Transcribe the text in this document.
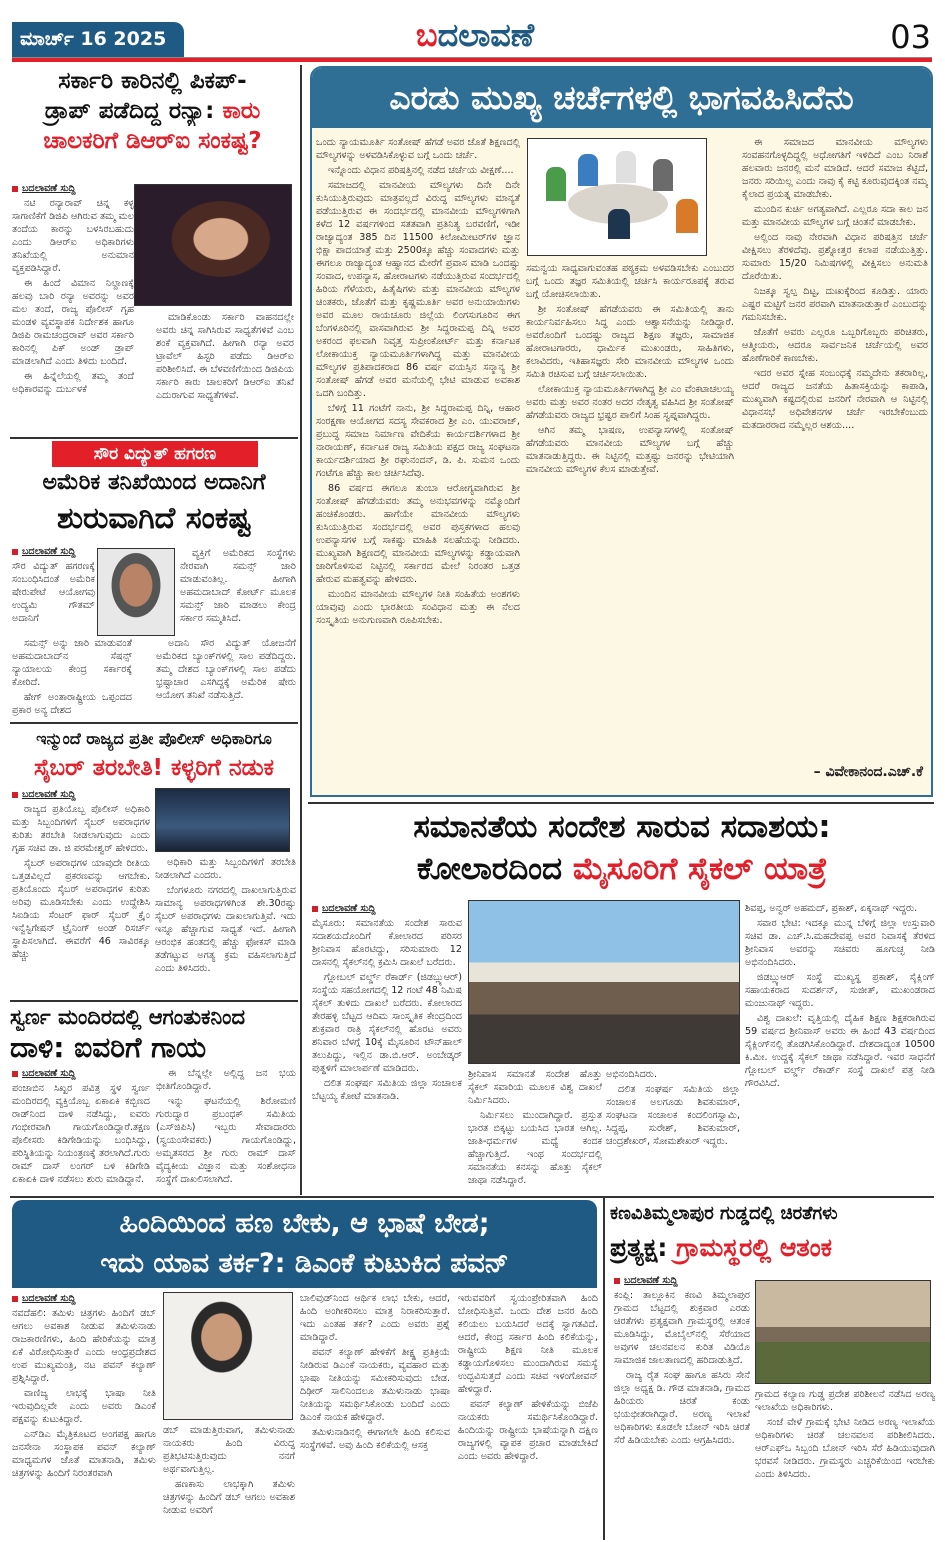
ಮಾರ್ಚ್ 16 2025	ಬದಲಾವಣೆ	03
ಸರ್ಕಾರಿ ಕಾರಿನಲ್ಲಿ ಪಿಕಪ್-
ಡ್ರಾಪ್ ಪಡೆದಿದ್ದ ರನ್ಯಾ: ಕಾರು
ಚಾಲಕರಿಗೆ ಡಿಆರ್‌ಐ ಸಂಕಷ್ಟ?
ಬದಲಾವಣೆ ಸುದ್ದಿ

ನಟಿ ರನ್ಯಾರಾವ್ ಚಿನ್ನ ಕಳ್ಳ ಸಾಗಾಣಿಕೆಗೆ ಡಿಜಿಪಿ ಆಗಿರುವ ತಮ್ಮ ಮಲ ತಂದೆಯ ಕಾರನ್ನು ಬಳಸಿರಬಹುದು ಎಂದು ಡಿಆರ್‌ಐ ಅಧಿಕಾರಿಗಳು ತನಿಖೆಯಲ್ಲಿ ಅನುಮಾನ ವ್ಯಕ್ತಪಡಿಸಿದ್ದಾರೆ.

ಈ ಹಿಂದೆ ವಿಮಾನ ನಿಲ್ದಾಣಕ್ಕೆ ಹಲವು ಬಾರಿ ರನ್ಯಾ ಅವರನ್ನು ಅವರ ಮಲ ತಂದೆ, ರಾಜ್ಯ ಪೊಲೀಸ್ ಗೃಹ ಮಂಡಳಿ ವ್ಯವಸ್ಥಾಪಕ ನಿರ್ದೇಶಕ ಹಾಗೂ ಡಿಜಿಪಿ ರಾಮಚಂದ್ರರಾವ್ ಅವರ ಸರ್ಕಾರಿ ಕಾರಿನಲ್ಲಿ ಪಿಕ್ ಅಂಡ್ ಡ್ರಾಪ್ ಮಾಡಲಾಗಿದೆ ಎಂದು ತಿಳಿದು ಬಂದಿದೆ.

ಈ ಹಿನ್ನೆಲೆಯಲ್ಲಿ ತಮ್ಮ ತಂದೆ ಅಧಿಕಾರವನ್ನು ದುರ್ಬಳಕೆ

ಮಾಡಿಕೊಂಡು ಸರ್ಕಾರಿ ವಾಹನದಲ್ಲೇ ಅವರು ಚಿನ್ನ ಸಾಗಿಸಿರುವ ಸಾಧ್ಯತೆಗಳಿವೆ ಎಂಬ ಶಂಕೆ ವ್ಯಕ್ತವಾಗಿದೆ. ಹೀಗಾಗಿ ರನ್ಯಾ ಅವರ ಟ್ರಾವೆಲ್ ಹಿಸ್ಟರಿ ಪಡೆದು ಡಿಆರ್‌ಐ ಪರಿಶೀಲಿಸಿದೆ. ಈ ಬೆಳವಣಿಗೆಯಿಂದ ಡಿಜಿಪಿಯ ಸರ್ಕಾರಿ ಕಾರು ಚಾಲಕರಿಗೆ ಡಿಆರ್‌ಐ ತನಿಖೆ ಎದುರಾಗುವ ಸಾಧ್ಯತೆಗಳಿವೆ.

ಸೌರ ವಿದ್ಯುತ್ ಹಗರಣ
ಅಮೆರಿಕ ತನಿಖೆಯಿಂದ ಅದಾನಿಗೆ
ಶುರುವಾಗಿದೆ ಸಂಕಷ್ಟ
ಬದಲಾವಣೆ ಸುದ್ದಿ

ಸೌರ ವಿದ್ಯುತ್ ಹಗರಣಕ್ಕೆ ಸಂಬಂಧಿಸಿದಂತೆ ಅಮೆರಿಕ ಷೇರುಪೇಟೆ ಆಯೋಗವು ಉದ್ಯಮಿ ಗೌತಮ್ ಅದಾನಿಗೆ

ಸಮನ್ಸ್ ಅನ್ನು ಜಾರಿ ಮಾಡುವಂತೆ ಅಹಮದಾಬಾದ್‌ನ ಸೆಷನ್ಸ್ ನ್ಯಾಯಾಲಯ ಕೇಂದ್ರ ಸರ್ಕಾರಕ್ಕೆ ಕೋರಿದೆ.

ಹೇಗ್ ಅಂತಾರಾಷ್ಟ್ರೀಯ ಒಪ್ಪಂದದ ಪ್ರಕಾರ ಅನ್ಯ ದೇಶದ

ವ್ಯಕ್ತಿಗೆ ಅಮೆರಿಕದ ಸಂಸ್ಥೆಗಳು ನೇರವಾಗಿ ಸಮನ್ಸ್ ಜಾರಿ ಮಾಡುವಂತಿಲ್ಲ. ಹೀಗಾಗಿ ಅಹಮದಾಬಾದ್ ಕೋರ್ಟ್ ಮೂಲಕ ಸಮನ್ಸ್ ಜಾರಿ ಮಾಡಲು ಕೇಂದ್ರ ಸರ್ಕಾರ ಸಮ್ಮತಿಸಿದೆ.

ಅದಾನಿ ಸೌರ ವಿದ್ಯುತ್ ಯೋಜನೆಗೆ ಅಮೆರಿಕದ ಬ್ಯಾಂಕ್‌ಗಳಲ್ಲಿ ಸಾಲ ಪಡೆದಿದ್ದರು. ತಮ್ಮ ದೇಶದ ಬ್ಯಾಂಕ್‌ಗಳಲ್ಲಿ ಸಾಲ ಪಡೆದು ಭ್ರಷ್ಟಾಚಾರ ಎಸಗಿದ್ದಕ್ಕೆ ಅಮೆರಿಕ ಷೇರು ಆಯೋಗ ತನಿಖೆ ನಡೆಸುತ್ತಿದೆ.

ಇನ್ಮುಂದೆ ರಾಜ್ಯದ ಪ್ರತೀ ಪೊಲೀಸ್ ಅಧಿಕಾರಿಗೂ
ಸೈಬರ್ ತರಬೇತಿ! ಕಳ್ಳರಿಗೆ ನಡುಕ
ಬದಲಾವಣೆ ಸುದ್ದಿ

ರಾಜ್ಯದ ಪ್ರತಿಯೊಬ್ಬ ಪೊಲೀಸ್ ಅಧಿಕಾರಿ ಮತ್ತು ಸಿಬ್ಬಂದಿಗಳಿಗೆ ಸೈಬರ್ ಅಪರಾಧಗಳ ಕುರಿತು ತರಬೇತಿ ನೀಡಲಾಗುವುದು ಎಂದು ಗೃಹ ಸಚಿವ ಡಾ. ಜಿ ಪರಮೇಶ್ವರ್ ಹೇಳಿದರು.

ಸೈಬರ್ ಅಪರಾಧಗಳ ಯಾವುದೇ ರೀತಿಯ ಒತ್ತಡವಿಲ್ಲದೆ ಪ್ರಕರಣವನ್ನು ಆಗಬೇಕು. ಪ್ರತಿಯೊಂದು ಸೈಬರ್ ಅಪರಾಧಗಳ ಕುರಿತು ಅರಿವು ಮೂಡಿಸಬೇಕು ಎಂದು ಉದ್ದೇಶಿಸಿ ಸಿಐಡಿಯ ಸೆಂಟರ್ ಫಾರ್ ಸೈಬರ್ ಕ್ರೈಂ ಇನ್ವೆಸ್ಟಿಗೇಷನ್ ಟ್ರೈನಿಂಗ್ ಅಂಡ್ ರಿಸರ್ಚ್ ಸ್ಥಾಪಿಸಲಾಗಿದೆ. ಈವರೆಗೆ 46 ಸಾವಿರಕ್ಕೂ ಹೆಚ್ಚು

ಅಧಿಕಾರಿ ಮತ್ತು ಸಿಬ್ಬಂದಿಗಳಿಗೆ ತರಬೇತಿ ನೀಡಲಾಗಿದೆ ಎಂದರು.

ಬೆಂಗಳೂರು ನಗರದಲ್ಲಿ ದಾಖಲಾಗುತ್ತಿರುವ ಸಾಮಾನ್ಯ ಅಪರಾಧಗಳಿಗಿಂತ ಶೇ.30ರಷ್ಟು ಸೈಬರ್ ಅಪರಾಧಗಳು ದಾಖಲಾಗುತ್ತಿವೆ. ಇದು ಇನ್ನೂ ಹೆಚ್ಚಾಗುವ ಸಾಧ್ಯತೆ ಇದೆ. ಹೀಗಾಗಿ ಆರಂಭಿಕ ಹಂತದಲ್ಲಿ ಹೆಚ್ಚು ಫೋಕಸ್ ಮಾಡಿ ತಡೆಗಟ್ಟುವ ಅಗತ್ಯ ಕ್ರಮ ವಹಿಸಲಾಗುತ್ತಿದೆ ಎಂದು ತಿಳಿಸಿದರು.

ಸ್ವರ್ಣ ಮಂದಿರದಲ್ಲಿ ಆಗಂತುಕನಿಂದ
ದಾಳಿ: ಐವರಿಗೆ ಗಾಯ
ಬದಲಾವಣೆ ಸುದ್ದಿ

ಪಂಜಾಬಿನ ಸಿಖ್ಖರ ಪವಿತ್ರ ಸ್ಥಳ ಸ್ವರ್ಣ ಮಂದಿರದಲ್ಲಿ ವ್ಯಕ್ತಿಯೊಬ್ಬ ಏಕಾಏಕಿ ಕಬ್ಬಿಣದ ರಾಡ್‌ನಿಂದ ದಾಳಿ ನಡೆಸಿದ್ದು, ಐವರು ಗಂಭೀರವಾಗಿ ಗಾಯಗೊಂಡಿದ್ದಾರೆ.ತಕ್ಷಣ ಪೊಲೀಸರು ಕಿಡಿಗೇಡಿಯನ್ನು ಬಂಧಿಸಿದ್ದು, ಪರಿಸ್ಥಿತಿಯನ್ನು ನಿಯಂತ್ರಣಕ್ಕೆ ತರಲಾಗಿದೆ.ಗುರು ರಾಮ್ ದಾಸ್ ಲಂಗರ್ ಬಳಿ ಕಿಡಿಗೇಡಿ ಏಕಾಏಕಿ ದಾಳಿ ನಡೆಸಲು ಶುರು ಮಾಡಿದ್ದಾನೆ.

ಈ ಬೆನ್ನಲ್ಲೇ ಅಲ್ಲಿದ್ದ ಜನ ಭಯ ಭೀತಿಗೊಂಡಿದ್ದಾರೆ.

ಇನ್ನು ಘಟನೆಯಲ್ಲಿ ಶಿರೋಮಣಿ ಗುರುದ್ವಾರ ಪ್ರಬಂಧಕ್ ಸಮಿತಿಯ (ಎಸ್‌ಜಿಪಿಸಿ) ಇಬ್ಬರು ಸೇವಾದಾರರು (ಸ್ವಯಂಸೇವಕರು) ಗಾಯಗೊಂಡಿದ್ದು, ಅಮೃತಸರದ ಶ್ರೀ ಗುರು ರಾಮ್ ದಾಸ್ ವೈದ್ಯಕೀಯ ವಿಜ್ಞಾನ ಮತ್ತು ಸಂಶೋಧನಾ ಸಂಸ್ಥೆಗೆ ದಾಖಲಿಸಲಾಗಿದೆ.

ಎರಡು ಮುಖ್ಯ ಚರ್ಚೆಗಳಲ್ಲಿ ಭಾಗವಹಿಸಿದೆನು

ಒಂದು ನ್ಯಾಯಮೂರ್ತಿ ಸಂತೋಷ್ ಹೆಗಡೆ ಅವರ ಜೊತೆ ಶಿಕ್ಷಣದಲ್ಲಿ ಮೌಲ್ಯಗಳನ್ನು ಅಳವಡಿಸಿಕೊಳ್ಳುವ ಬಗ್ಗೆ ಒಂದು ಚರ್ಚೆ.

ಇನ್ನೊಂದು ವಿಧಾನ ಪರಿಷತ್ತಿನಲ್ಲಿ ನಡೆದ ಚರ್ಚೆಯ ವೀಕ್ಷಣೆ....

ಸಮಾಜದಲ್ಲಿ ಮಾನವೀಯ ಮೌಲ್ಯಗಳು ದಿನೇ ದಿನೇ ಕುಸಿಯುತ್ತಿರುವುದು ಮಾತ್ರವಲ್ಲದೆ ವಿರುದ್ಧ ಮೌಲ್ಯಗಳು ಮಾನ್ಯತೆ ಪಡೆಯುತ್ತಿರುವ ಈ ಸಂದರ್ಭದಲ್ಲಿ ಮಾನವೀಯ ಮೌಲ್ಯಗಳಿಗಾಗಿ ಕಳೆದ 12 ವರ್ಷಗಳಿಂದ ಸತತವಾಗಿ ಪ್ರತಿನಿತ್ಯ ಬರವಣಿಗೆ, ಇಡೀ ರಾಜ್ಯಾದ್ಯಂತ 385 ದಿನ 11500 ಕಿಲೋಮೀಟರ್‌ಗಳ ಜ್ಞಾನ ಭಿಕ್ಷಾ ಪಾದಯಾತ್ರೆ ಮತ್ತು 2500ಕ್ಕೂ ಹೆಚ್ಚು ಸಂವಾದಗಳು ಮತ್ತು ಈಗಲೂ ರಾಜ್ಯಾದ್ಯಂತ ಆಹ್ವಾನದ ಮೇರೆಗೆ ಪ್ರವಾಸ ಮಾಡಿ ಒಂದಷ್ಟು ಸಂವಾದ, ಉಪನ್ಯಾಸ, ಹೋರಾಟಗಳು ನಡೆಯುತ್ತಿರುವ ಸಂದರ್ಭದಲ್ಲಿ ಹಿರಿಯ ಗೆಳೆಯರು, ಹಿತೈಷಿಗಳು ಮತ್ತು ಮಾನವೀಯ ಮೌಲ್ಯಗಳ ಚಿಂತಕರು, ಜೊತೆಗೆ ಮತ್ತು ಕೃಷ್ಣಮೂರ್ತಿ ಅವರ ಅನುಯಾಯಿಗಳು ಅವರ ಮೂಲ ರಾಯಚೂರು ಜಿಲ್ಲೆಯ ಲಿಂಗಸುಗೂರಿನ ಈಗ ಬೆಂಗಳೂರಿನಲ್ಲಿ ವಾಸವಾಗಿರುವ ಶ್ರೀ ಸಿದ್ದರಾಮಪ್ಪ ದಿನ್ನಿ ಅವರ ಅಕರಂದ ಫಲವಾಗಿ ನಿವೃತ್ತ ಸುಪ್ರೀಂಕೋರ್ಟ್ ಮತ್ತು ಕರ್ನಾಟಕ ಲೋಕಾಯುಕ್ತ ನ್ಯಾಯಮೂರ್ತಿಗಳಾಗಿದ್ದ ಮತ್ತು ಮಾನವೀಯ ಮೌಲ್ಯಗಳ ಪ್ರತಿಪಾದಕರಾದ 86 ವರ್ಷ ವಯಸ್ಸಿನ ಸನ್ಮಾನ್ಯ ಶ್ರೀ ಸಂತೋಷ್ ಹೆಗಡೆ ಅವರ ಮನೆಯಲ್ಲಿ ಭೇಟಿ ಮಾಡುವ ಅವಕಾಶ ಒದಗಿ ಬಂದಿತ್ತು.

ಬೆಳಿಗ್ಗೆ 11 ಗಂಟೆಗೆ ನಾನು, ಶ್ರೀ ಸಿದ್ದರಾಮಪ್ಪ ದಿನ್ನಿ, ಆಹಾರ ಸಂರಕ್ಷಣಾ ಆಯೋಗದ ಸದಸ್ಯ ಸೇವಕರಾದ ಶ್ರೀ ಎಂ. ಯುವರಾಜ್, ಪ್ರಬುದ್ಧ ಸಮಾಜ ನಿರ್ಮಾಣ ವೇದಿಕೆಯ ಕಾರ್ಯದರ್ಶಿಗಳಾದ ಶ್ರೀ ನಾರಾಯಣ್, ಕರ್ನಾಟಕ ರಾಜ್ಯ ಸಮಿತಿಯ ಪಕ್ಷದ ರಾಜ್ಯ ಸಂಘಟನಾ ಕಾರ್ಯದರ್ಶಿಯಾದ ಶ್ರೀ ರಘುನಂದನ್, ಡಿ. ಪಿ. ಸುಮನ ಒಂದು ಗಂಟೆಗೂ ಹೆಚ್ಚು ಕಾಲ ಚರ್ಚಿಸಿದೆವು.

86 ವರ್ಷದ ಈಗಲೂ ತುಂಬಾ ಆರೋಗ್ಯವಾಗಿರುವ ಶ್ರೀ ಸಂತೋಷ್ ಹೆಗಡೆಯವರು ತಮ್ಮ ಅನುಭವಗಳನ್ನು ನಮ್ಮೊಂದಿಗೆ ಹಂಚಿಕೊಂಡರು. ಹಾಗೆಯೇ ಮಾನವೀಯ ಮೌಲ್ಯಗಳು ಕುಸಿಯುತ್ತಿರುವ ಸಂದರ್ಭದಲ್ಲಿ ಅವರ ಪುಸ್ತಕಗಳಾದ ಹಲವು ಉಪನ್ಯಾಸಗಳ ಬಗ್ಗೆ ಸಾಕಷ್ಟು ಮಾಹಿತಿ ಸಲಹೆಯನ್ನು ನೀಡಿದರು. ಮುಖ್ಯವಾಗಿ ಶಿಕ್ಷಣದಲ್ಲಿ ಮಾನವೀಯ ಮೌಲ್ಯಗಳನ್ನು ಕಡ್ಡಾಯವಾಗಿ ಜಾರಿಗೊಳಿಸುವ ನಿಟ್ಟಿನಲ್ಲಿ ಸರ್ಕಾರದ ಮೇಲೆ ನಿರಂತರ ಒತ್ತಡ ಹೇರುವ ಮಹತ್ವವನ್ನು ಹೇಳಿದರು.

ಮುಂದಿನ ಮಾನವೀಯ ಮೌಲ್ಯಗಳ ನೀತಿ ಸಂಹಿತೆಯ ಅಂಶಗಳು ಯಾವುವು ಎಂದು ಭಾರತೀಯ ಸಂವಿಧಾನ ಮತ್ತು ಈ ನೆಲದ ಸಂಸ್ಕೃತಿಯ ಅನುಗುಣವಾಗಿ ರೂಪಿಸಬೇಕು.

ಸಮನ್ವಯ ಸಾಧ್ಯವಾಗುವಂತಹ ಪಠ್ಯಕ್ರಮ ಅಳವಡಿಸಬೇಕು ಎಂಬುದರ ಬಗ್ಗೆ ಒಂದು ತಜ್ಞರ ಸಮಿತಿಯಲ್ಲಿ ಚರ್ಚಿಸಿ ಕಾರ್ಯರೂಪಕ್ಕೆ ತರುವ ಬಗ್ಗೆ ಯೋಚಿಸಲಾಯಿತು.

ಶ್ರೀ ಸಂತೋಷ್ ಹೆಗಡೆಯವರು ಈ ಸಮಿತಿಯಲ್ಲಿ ತಾನು ಕಾರ್ಯನಿರ್ವಹಿಸಲು ಸಿದ್ಧ ಎಂದು ಆಶ್ವಾಸನೆಯನ್ನು ನೀಡಿದ್ದಾರೆ. ಅವರೊಂದಿಗೆ ಒಂದಷ್ಟು ರಾಜ್ಯದ ಶಿಕ್ಷಣ ತಜ್ಞರು, ಸಾಮಾಜಿಕ ಹೋರಾಟಗಾರರು, ಧಾರ್ಮಿಕ ಮುಖಂಡರು, ಸಾಹಿತಿಗಳು, ಕಲಾವಿದರು, ಇತಿಹಾಸಜ್ಞರು ಸೇರಿ ಮಾನವೀಯ ಮೌಲ್ಯಗಳ ಒಂದು ಸಮಿತಿ ರಚಿಸುವ ಬಗ್ಗೆ ಚರ್ಚಿಸಲಾಯಿತು.

ಲೋಕಾಯುಕ್ತ ನ್ಯಾಯಮೂರ್ತಿಗಳಾಗಿದ್ದ ಶ್ರೀ ಎಂ ವೆಂಕಟಾಚಲಯ್ಯ ಅವರು ಮತ್ತು ಅವರ ನಂತರ ಅದರ ನೇತೃತ್ವ ವಹಿಸಿದ ಶ್ರೀ ಸಂತೋಷ್ ಹೆಗಡೆಯವರು ರಾಜ್ಯದ ಭ್ರಷ್ಟರ ಪಾಲಿಗೆ ಸಿಂಹ ಸ್ವಪ್ನವಾಗಿದ್ದರು.

ಆಗಿನ ತಮ್ಮ ಭಾಷಣ, ಉಪನ್ಯಾಸಗಳಲ್ಲಿ ಸಂತೋಷ್ ಹೆಗಡೆಯವರು ಮಾನವೀಯ ಮೌಲ್ಯಗಳ ಬಗ್ಗೆ ಹೆಚ್ಚು ಮಾತನಾಡುತ್ತಿದ್ದರು. ಈ ನಿಟ್ಟಿನಲ್ಲಿ ಮತ್ತಷ್ಟು ಜನರನ್ನು ಭೇಟಿಯಾಗಿ ಮಾನವೀಯ ಮೌಲ್ಯಗಳ ಕೆಲಸ ಮಾಡುತ್ತೇವೆ.

ಈ ಸಮಾಜದ ಮಾನವೀಯ ಮೌಲ್ಯಗಳು ಸಂವಹನಗೊಳ್ಳದಿದ್ದಲ್ಲಿ ಅಧೋಗತಿಗೆ ಇಳಿದಿದೆ ಎಂಬ ನಿರಾಶೆ ಹಲವಾರು ಜನರಲ್ಲಿ ಮನೆ ಮಾಡಿದೆ. ಆದರೆ ಸಮಾಜ ಕೆಟ್ಟಿದೆ, ಜನರು ಸರಿಯಿಲ್ಲ ಎಂದು ನಾವು ಕೈ ಕಟ್ಟಿ ಕೂರುವುದಕ್ಕಿಂತ ನಮ್ಮ ಕೈಲಾದ ಪ್ರಯತ್ನ ಮಾಡಬೇಕು.

ಮುಂದಿನ ಕುರ್ಚಿ ಅಗತ್ಯವಾಗಿದೆ. ಎಲ್ಲರೂ ಸದಾ ಕಾಲ ಜನ ಮತ್ತು ಮಾನವೀಯ ಮೌಲ್ಯಗಳ ಬಗ್ಗೆ ಚಿಂತನೆ ಮಾಡಬೇಕು.

ಅಲ್ಲಿಂದ ನಾವು ನೇರವಾಗಿ ವಿಧಾನ ಪರಿಷತ್ತಿನ ಚರ್ಚೆ ವೀಕ್ಷಿಸಲು ತೆರಳಿದೆವು. ಪ್ರಶ್ನೋತ್ತರ ಕಲಾಪ ನಡೆಯುತ್ತಿತ್ತು. ಸುಮಾರು 15/20 ನಿಮಿಷಗಳಲ್ಲಿ ವೀಕ್ಷಿಸಲು ಅನುಮತಿ ದೊರೆಯಿತು.

ನಿಜಕ್ಕೂ ಸ್ವಲ್ಪ ದಿಟ್ಟ, ದುಃಖಕ್ಕೆರಿಂದ ಕೂಡಿತ್ತು. ಯಾರು ಎಷ್ಟರ ಮಟ್ಟಿಗೆ ಜನರ ಪರವಾಗಿ ಮಾತನಾಡುತ್ತಾರೆ ಎಂಬುದನ್ನು ಗಮನಿಸಬೇಕು.

ಜೊತೆಗೆ ಅವರು ಎಲ್ಲರೂ ಒಬ್ಬರಿಗೊಬ್ಬರು ಪರಿಚಿತರು, ಆತ್ಮೀಯರು, ಆದರೂ ಸಾರ್ವಜನಿಕ ಚರ್ಚೆಯಲ್ಲಿ ಅವರ ಹೊಣೆಗಾರಿಕೆ ಕಾಣಬೇಕು.

ಇದರ ಅವರ ಸ್ನೇಹ ಸಂಬಂಧಕ್ಕೆ ನಮ್ಮದೇನು ತಕರಾರಿಲ್ಲ, ಆದರೆ ರಾಜ್ಯದ ಜನತೆಯ ಹಿತಾಸಕ್ತಿಯನ್ನು ಕಾಪಾಡಿ, ಮುಖ್ಯವಾಗಿ ಕಷ್ಟದಲ್ಲಿರುವ ಜನರಿಗೆ ನೇರವಾಗಿ ಆ ನಿಟ್ಟಿನಲ್ಲಿ ವಿಧಾನಸಭೆ ಅಧಿವೇಶನಗಳ ಚರ್ಚೆ ಇರಬೇಕೆಂಬುದು ಮತದಾರರಾದ ನಮ್ಮೆಲ್ಲರ ಆಶಯ....

– ವಿವೇಕಾನಂದ.ಎಚ್.ಕೆ
ಸಮಾನತೆಯ ಸಂದೇಶ ಸಾರುವ ಸದಾಶಯ:
ಕೋಲಾರದಿಂದ ಮೈಸೂರಿಗೆ ಸೈಕಲ್ ಯಾತ್ರೆ
ಬದಲಾವಣೆ ಸುದ್ದಿ

ಮೈಸೂರು: ಸಮಾನತೆಯ ಸಂದೇಶ ಸಾರುವ ಸದಾಶಯದೊಂದಿಗೆ ಕೋಲಾರದ ಪರಿಸರ ಶ್ರೀನಿವಾಸ ಹೊರಟಿದ್ದು, ಸರಿಸುಮಾರು 12 ದಾಸನಲ್ಲಿ ಸೈಕಲ್‌ನಲ್ಲಿ ಕ್ರಮಿಸಿ ದಾಖಲೆ ಬರೆದರು.

ಗ್ಲೋಬಲ್ ವರ್ಲ್ಡ್ ರೆಕಾರ್ಡ್ (ಜಿಡಬ್ಲ್ಯುಆರ್) ಸಂಸ್ಥೆಯ ಸಹಯೋಗದಲ್ಲಿ 12 ಗಂಟೆ 48 ನಿಮಿಷ ಸೈಕಲ್ ತುಳಿದು ದಾಖಲೆ ಬರೆದರು. ಕೋಲಾರದ ತೇರಹಳ್ಳಿ ಬೆಟ್ಟದ ಆದಿಮ ಸಾಂಸ್ಕೃತಿಕ ಕೇಂದ್ರದಿಂದ ಶುಕ್ರವಾರ ರಾತ್ರಿ ಸೈಕಲ್‌ನಲ್ಲಿ ಹೊರಟ ಅವರು ಶನಿವಾರ ಬೆಳಗ್ಗೆ 10ಕ್ಕೆ ಮೈಸೂರಿನ ಟೌನ್‌ಹಾಲ್ ತಲುಪಿದ್ದು, ಇಲ್ಲಿನ ಡಾ.ಬಿ.ಆರ್. ಅಂಬೇಡ್ಕರ್ ಪುತ್ಥಳಿಗೆ ಮಾಲಾರ್ಪಣೆ ಮಾಡಿದರು.

ದಲಿತ ಸಂಘರ್ಷ ಸಮಿತಿಯ ಜಿಲ್ಲಾ ಸಂಚಾಲಕ ಬೆಟ್ಟಯ್ಯ ಕೋಟೆ ಮಾತನಾಡಿ.

ಶ್ರೀನಿವಾಸ ಸಮಾನತೆ ಸಂದೇಶ ಹೊತ್ತು ಸೈಕಲ್ ಸವಾರಿಯ ಮೂಲಕ ವಿಶ್ವ ದಾಖಲೆ ನಿರ್ಮಿಸಿದರು.

ನಿರ್ಮಿಸಲು ಮುಂದಾಗಿದ್ದಾರೆ. ಪ್ರಸ್ತುತ ಭಾರತ ಬಿಕ್ಕಟ್ಟು ಬಯಸಿದ ಭಾರತ ಆಗಿಲ್ಲ. ಜಾತಿ-ಧರ್ಮಗಳ ಮಧ್ಯೆ ಕಂದಕ ಹೆಚ್ಚಾಗುತ್ತಿದೆ. ಇಂಥ ಸಂದರ್ಭದಲ್ಲಿ ಸಮಾನತೆಯ ಕನಸನ್ನು ಹೊತ್ತು ಸೈಕಲ್ ಜಾಥಾ ನಡೆಸಿದ್ದಾರೆ.

ಅಭಿನಂದಿಸಿದರು.

ದಲಿತ ಸಂಘರ್ಷ ಸಮಿತಿಯ ಜಿಲ್ಲಾ ಸಂಚಾಲಕ ಅಲಗೂಡು ಶಿವಕುಮಾರ್, ಸಂಘಟನಾ ಸಂಚಾಲಕ ಕಂದಲಿಂಗಸ್ವಾಮಿ, ಸಿದ್ದಪ್ಪ, ಸುರೇಶ್, ಶಿವಕುಮಾರ್, ಚಂದ್ರಶೇಖರ್, ಸೋಮಶೇಖರ್ ಇದ್ದರು.

ಶಿವಪ್ಪ, ಅನ್ವರ್ ಅಹಮದ್, ಪ್ರಕಾಶ್, ಏಕ್ಕನಾಥ್ ಇದ್ದರು.

ಸವಾರ ಭೇಟಿ: ಇದಕ್ಕೂ ಮುನ್ನ ಬೆಳಿಗ್ಗೆ ಜಿಲ್ಲಾ ಉಸ್ತುವಾರಿ ಸಚಿವ ಡಾ. ಎಚ್.ಸಿ.ಮಹದೇವಪ್ಪ ಅವರ ನಿವಾಸಕ್ಕೆ ತೆರಳಿದ ಶ್ರೀನಿವಾಸ ಅವರನ್ನು ಸಚಿವರು ಹೂಗುಚ್ಛ ನೀಡಿ ಅಭಿನಂದಿಸಿದರು.

ಜಿಡಬ್ಲ್ಯುಆರ್ ಸಂಸ್ಥೆ ಮುಖ್ಯಸ್ಥ ಪ್ರಕಾಶ್, ಸೈಕ್ಲಿಂಗ್ ಸಹಾಯಕರಾದ ಸುದರ್ಶನ್, ಸುಜೀತ್, ಮುಖಂಡರಾದ ಮಂಜುನಾಥ್ ಇದ್ದರು.

ವಿಶ್ವ ದಾಖಲೆ: ವೃತ್ತಿಯಲ್ಲಿ ದೈಹಿಕ ಶಿಕ್ಷಣ ಶಿಕ್ಷಕರಾಗಿರುವ 59 ವರ್ಷದ ಶ್ರೀನಿವಾಸ್ ಅವರು ಈ ಹಿಂದೆ 43 ವರ್ಷದಿಂದ ಸೈಕ್ಲಿಂಗ್‌ನಲ್ಲಿ ತೊಡಗಿಸಿಕೊಂಡಿದ್ದಾರೆ. ದೇಶದಾದ್ಯಂತ 10500 ಕಿ.ಮೀ. ಉದ್ದಕ್ಕೆ ಸೈಕಲ್ ಜಾಥಾ ನಡೆಸಿದ್ದಾರೆ. ಇವರ ಸಾಧನೆಗೆ ಗ್ಲೋಬಲ್ ವರ್ಲ್ಡ್ ರೆಕಾರ್ಡ್ ಸಂಸ್ಥೆ ದಾಖಲೆ ಪತ್ರ ನೀಡಿ ಗೌರವಿಸಿದೆ.

ಹಿಂದಿಯಿಂದ ಹಣ ಬೇಕು, ಆ ಭಾಷೆ ಬೇಡ;
ಇದು ಯಾವ ತರ್ಕ?: ಡಿಎಂಕೆ ಕುಟುಕಿದ ಪವನ್
ಬದಲಾವಣೆ ಸುದ್ದಿ

ನವದೆಹಲಿ: ತಮಿಳು ಚಿತ್ರಗಳು ಹಿಂದಿಗೆ ಡಬ್ ಆಗಲು ಅವಕಾಶ ನೀಡುವ ತಮಿಳುನಾಡು ರಾಜಕಾರಣಿಗಳು, ಹಿಂದಿ ಹೇರಿಕೆಯನ್ನು ಮಾತ್ರ ಏಕೆ ವಿರೋಧಿಸುತ್ತಾರೆ ಎಂದು ಆಂಧ್ರಪ್ರದೇಶದ ಉಪ ಮುಖ್ಯಮಂತ್ರಿ, ನಟ ಪವನ್ ಕಲ್ಯಾಣ್ ಪ್ರಶ್ನಿಸಿದ್ದಾರೆ.

ವಾಣಿಜ್ಯ ಲಾಭಕ್ಕೆ ಭಾಷಾ ನೀತಿ ಇರುವುದಿಲ್ಲವೇ ಎಂದು ಅವರು ಡಿಎಂಕೆ ಪಕ್ಷವನ್ನು ಕುಟುಕಿದ್ದಾರೆ.

ಎನ್‌ಡಿಎ ಮೈತ್ರಿಕೂಟದ ಅಂಗಪಕ್ಷ ಹಾಗೂ ಜನಸೇನಾ ಸಂಸ್ಥಾಪಕ ಪವನ್ ಕಲ್ಯಾಣ್ ಮಾಧ್ಯಮಗಳ ಜೊತೆ ಮಾತನಾಡಿ, ತಮಿಳು ಚಿತ್ರಗಳನ್ನು ಹಿಂದಿಗೆ ನಿರಂತರವಾಗಿ

ಡಬ್ ಮಾಡುತ್ತಿರುವಾಗ, ತಮಿಳುನಾಡು ನಾಯಕರು ಹಿಂದಿ ವಿರುದ್ಧ ಪ್ರತಿಭಟಿಸುತ್ತಿರುವುದು ನನಗೆ ಅರ್ಥವಾಗುತ್ತಿಲ್ಲ.

ಹಣಕಾಸು ಲಾಭಕ್ಕಾಗಿ ತಮಿಳು ಚಿತ್ರಗಳನ್ನು ಹಿಂದಿಗೆ ಡಬ್ ಆಗಲು ಅವಕಾಶ ನೀಡುವ ಅವರಿಗೆ

ಬಾಲಿವುಡ್‌ನಿಂದ ಆರ್ಥಿಕ ಲಾಭ ಬೇಕು, ಆದರೆ, ಹಿಂದಿ ಅಂಗೀಕರಿಸಲು ಮಾತ್ರ ನಿರಾಕರಿಸುತ್ತಾರೆ. ಇದು ಎಂತಹ ತರ್ಕ? ಎಂದು ಅವರು ಪ್ರಶ್ನೆ ಮಾಡಿದ್ದಾರೆ.

ಪವನ್ ಕಲ್ಯಾಣ್ ಹೇಳಿಕೆಗೆ ತೀಕ್ಷ್ಣ ಪ್ರತಿಕ್ರಿಯೆ ನೀಡಿರುವ ಡಿಎಂಕೆ ನಾಯಕರು, ವ್ಯವಹಾರ ಮತ್ತು ಭಾಷಾ ನೀತಿಯನ್ನು ಸಮೀಕರಿಸುವುದು ಬೇಡ. ದಿಢೀರ್ ಸಾಲಿನಿಂದಲೂ ತಮಿಳುನಾಡು ಭಾಷಾ ನೀತಿಯನ್ನು ಸಮರ್ಥಿಸಿಕೊಂಡು ಬಂದಿದೆ ಎಂದು ಡಿಎಂಕೆ ನಾಯಕ ಹೇಳಿದ್ದಾರೆ.

ತಮಿಳುನಾಡಿನಲ್ಲಿ ಈಗಾಗಲೇ ಹಿಂದಿ ಕಲಿಸುವ ಸಂಸ್ಥೆಗಳಿವೆ. ಅವು ಹಿಂದಿ ಕಲಿಕೆಯಲ್ಲಿ ಆಸಕ್ತ

ಇರುವವರಿಗೆ ಸ್ವಯಂಪ್ರೇರಿತವಾಗಿ ಹಿಂದಿ ಬೋಧಿಸುತ್ತಿವೆ. ಒಂದು ದೇಶ ಜನರ ಹಿಂದಿ ಕಲಿಯಲು ಬಯಸಿದರೆ ಅದಕ್ಕೆ ಸ್ವಾಗತವಿದೆ. ಆದರೆ, ಕೇಂದ್ರ ಸರ್ಕಾರ ಹಿಂದಿ ಕಲಿಕೆಯನ್ನು, ರಾಷ್ಟ್ರೀಯ ಶಿಕ್ಷಣ ನೀತಿ ಮೂಲಕ ಕಡ್ಡಾಯಗೊಳಿಸಲು ಮುಂದಾಗಿರುವ ಸಮಸ್ಯೆ ಉದ್ಭವಿಸುತ್ತದೆ ಎಂದು ಸಚಿವ ಇಳಂಗೋವನ್ ಹೇಳಿದ್ದಾರೆ.

ಪವನ್ ಕಲ್ಯಾಣ್ ಹೇಳಿಕೆಯನ್ನು ಬಿಜೆಪಿ ನಾಯಕರು ಸಮರ್ಥಿಸಿಕೊಂಡಿದ್ದಾರೆ. ಹಿಂದಿಯನ್ನು ರಾಷ್ಟ್ರೀಯ ಭಾಷೆಯನ್ನಾಗಿ ದಕ್ಷಿಣ ರಾಜ್ಯಗಳಲ್ಲಿ ವ್ಯಾಪಕ ಪ್ರಚಾರ ಮಾಡಬೇಕಿದೆ ಎಂದು ಅವರು ಹೇಳಿದ್ದಾರೆ.

ಕಣವಿತಿಮ್ಮಲಾಪುರ ಗುಡ್ಡದಲ್ಲಿ ಚಿರತೆಗಳು
ಪ್ರತ್ಯಕ್ಷ: ಗ್ರಾಮಸ್ಥರಲ್ಲಿ ಆತಂಕ
ಬದಲಾವಣೆ ಸುದ್ದಿ

ಕಂಪ್ಲಿ: ತಾಲ್ಲೂಕಿನ ಕಣವಿ ತಿಮ್ಮಲಾಪುರ ಗ್ರಾಮದ ಬೆಟ್ಟದಲ್ಲಿ ಶುಕ್ರವಾರ ಎರಡು ಚಿರತೆಗಳು ಪ್ರತ್ಯಕ್ಷವಾಗಿ ಗ್ರಾಮಸ್ಥರಲ್ಲಿ ಆತಂಕ ಮೂಡಿಸಿದ್ದು, ಮೊಬೈಲ್‌ನಲ್ಲಿ ಸೆರೆಯಾದ ಅವುಗಳ ಚಲನವಲನ ಕುರಿತ ವಿಡಿಯೊ ಸಾಮಾಜಿಕ ಜಾಲತಾಣದಲ್ಲಿ ಹರಿದಾಡುತ್ತಿದೆ.

ರಾಜ್ಯ ರೈತ ಸಂಘ ಹಾಗೂ ಹಸಿರು ಸೇನೆ ಜಿಲ್ಲಾ ಅಧ್ಯಕ್ಷ ಡಿ. ಗೌಡ ಮಾತನಾಡಿ, ಗ್ರಾಮದ ಹಿರಿಯರು ಚಿರತೆ ಕಂಡು ಭಯಭೀತರಾಗಿದ್ದಾರೆ. ಅರಣ್ಯ ಇಲಾಖೆ ಅಧಿಕಾರಿಗಳು ಕೂಡಲೇ ಬೋನ್ ಇರಿಸಿ ಚಿರತೆ ಸೆರೆ ಹಿಡಿಯಬೇಕು ಎಂದು ಆಗ್ರಹಿಸಿದರು.

ಗ್ರಾಮದ ಕಲ್ಯಾಣ ಗುಡ್ಡ ಪ್ರದೇಶ ಪರಿಶೀಲನೆ ನಡೆಸಿದ ಅರಣ್ಯ ಇಲಾಖೆಯ ಅಧಿಕಾರಿಗಳು.

ಸಂಜೆ ವೇಳೆ ಗ್ರಾಮಕ್ಕೆ ಭೇಟಿ ನೀಡಿದ ಅರಣ್ಯ ಇಲಾಖೆಯ ಅಧಿಕಾರಿಗಳು ಚಿರತೆ ಚಲನವಲನ ಪರಿಶೀಲಿಸಿದರು. ಆರ್‌ಎಫ್‌ಒ ಸಿಬ್ಬಂದಿ ಬೋನ್ ಇರಿಸಿ ಸೆರೆ ಹಿಡಿಯುವುದಾಗಿ ಭರವಸೆ ನೀಡಿದರು. ಗ್ರಾಮಸ್ಥರು ಎಚ್ಚರಿಕೆಯಿಂದ ಇರಬೇಕು ಎಂದು ತಿಳಿಸಿದರು.
